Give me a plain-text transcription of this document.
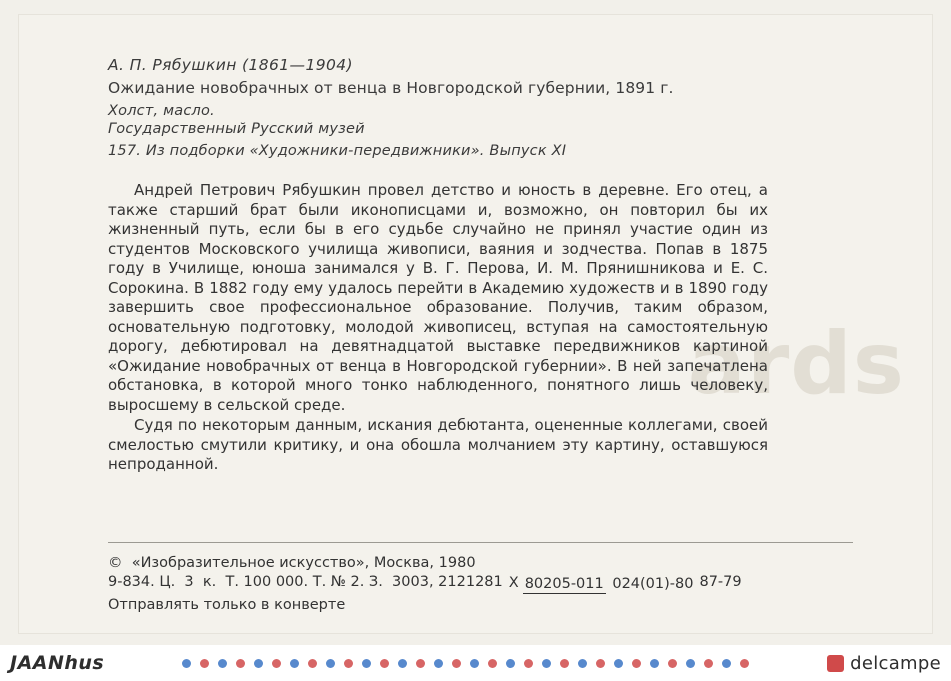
ards
А. П. Рябушкин (1861—1904)
Ожидание новобрачных от венца в Новгородской губернии, 1891 г.
Холст, масло.
Государственный Русский музей
157. Из подборки «Художники-передвижники». Выпуск XI

Андрей Петрович Рябушкин провел детство и юность в деревне. Его отец, а также старший брат были иконописцами и, возможно, он повторил бы их жизненный путь, если бы в его судьбе случайно не принял участие один из студентов Московского училища живописи, ваяния и зодчества. Попав в 1875 году в Училище, юноша занимался у В. Г. Перова, И. М. Прянишникова и Е. С. Сорокина. В 1882 году ему удалось перейти в Академию художеств и в 1890 году завершить свое профессиональное образование. Получив, таким образом, основательную подготовку, молодой живописец, вступая на самостоятельную дорогу, дебютировал на девятнадцатой выставке передвижников картиной «Ожидание новобрачных от венца в Новгородской губернии». В ней запечатлена обстановка, в которой много тонко наблюденного, понятного лишь человеку, выросшему в сельской среде.

Судя по некоторым данным, искания дебютанта, оцененные коллегами, своей смелостью смутили критику, и она обошла молчанием эту картину, оставшуюся непроданной.

©  «Изобразительное искусство», Москва, 1980
9-834. Ц.  3  к.  Т. 100 000. Т. № 2. З.  3003, 2121281 Х 80205-011 024(01)-80 87-79
Отправлять только в конверте
JAANhus	delcampe
